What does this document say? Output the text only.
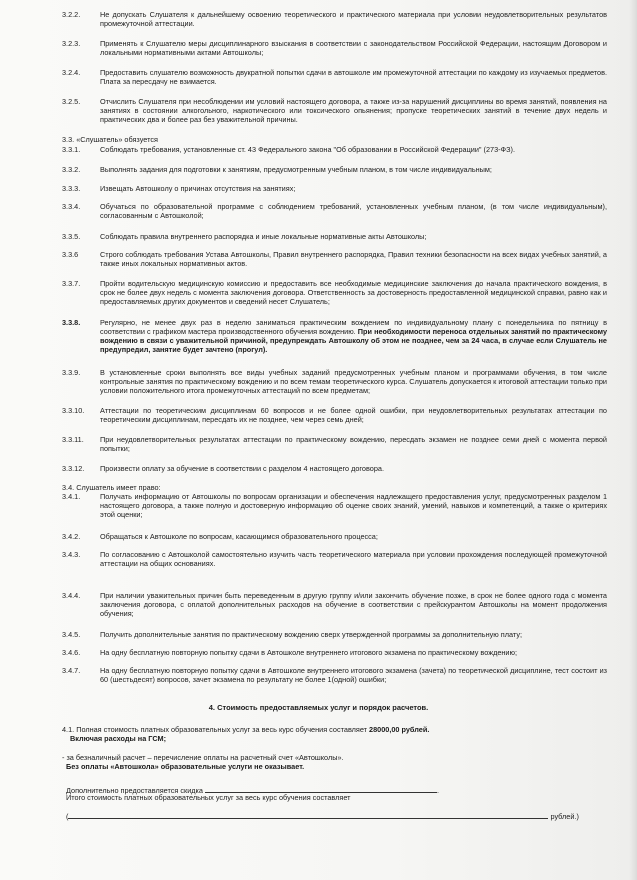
3.2.2.	Не допускать Слушателя к дальнейшему освоению теоретического и практического материала при условии неудовлетворительных результатов промежуточной аттестации.
3.2.3.	Применять к Слушателю меры дисциплинарного взыскания в соответствии с законодательством Российской Федерации, настоящим Договором и локальными нормативными актами Автошколы;
3.2.4.	Предоставить слушателю возможность двукратной попытки сдачи в автошколе им промежуточной аттестации по каждому из изучаемых предметов. Плата за пересдачу не взимается.
3.2.5.	Отчислить Слушателя при несоблюдении им условий настоящего договора, а также из-за нарушений дисциплины во время занятий, появления на занятиях в состоянии алкогольного, наркотического или токсического опьянения; пропуске теоретических занятий в течение двух недель и практических два и более раз без уважительной причины.
3.3. «Слушатель» обязуется
3.3.1.	Соблюдать требования, установленные ст. 43 Федерального закона "Об образовании в Российской Федерации" (273-ФЗ).
3.3.2.	Выполнять задания для подготовки к занятиям, предусмотренным учебным планом, в том числе индивидуальным;
3.3.3.	Извещать Автошколу о причинах отсутствия на занятиях;
3.3.4.	Обучаться по образовательной программе с соблюдением требований, установленных учебным планом, (в том числе индивидуальным), согласованным с Автошколой;
3.3.5.	Соблюдать правила внутреннего распорядка и иные локальные нормативные акты Автошколы;
3.3.6	Строго соблюдать требования Устава Автошколы, Правил внутреннего распорядка, Правил техники безопасности на всех видах учебных занятий, а также иных локальных нормативных актов.
3.3.7.	Пройти водительскую медицинскую комиссию и предоставить все необходимые медицинские заключения до начала практического вождения, в срок не более двух недель с момента заключения договора. Ответственность за достоверность предоставленной медицинской справки, равно как и предоставляемых других документов и сведений несет Слушатель;
3.3.8.	Регулярно, не менее двух раз в неделю заниматься практическим вождением по индивидуальному плану с понедельника по пятницу в соответствии с графиком мастера производственного обучения вождению. При необходимости переноса отдельных занятий по практическому вождению в связи с уважительной причиной, предупреждать Автошколу об этом не позднее, чем за 24 часа, в случае если Слушатель не предупредил, занятие будет зачтено (прогул).
3.3.9.	В установленные сроки выполнять все виды учебных заданий предусмотренных учебным планом и программами обучения, в том числе контрольные занятия по практическому вождению и по всем темам теоретического курса. Слушатель допускается к итоговой аттестации только при условии положительного итога промежуточных аттестаций по всем предметам;
3.3.10.	Аттестации по теоретическим дисциплинам 60 вопросов и не более одной ошибки, при неудовлетворительных результатах аттестации по теоретическим дисциплинам, пересдать их не позднее, чем через семь дней;
3.3.11.	При неудовлетворительных результатах аттестации по практическому вождению, пересдать экзамен не позднее семи дней с момента первой попытки;
3.3.12.	Произвести оплату за обучение в соответствии с разделом 4 настоящего договора.
3.4. Слушатель имеет право:
3.4.1.	Получать информацию от Автошколы по вопросам организации и обеспечения надлежащего предоставления услуг, предусмотренных разделом 1 настоящего договора, а также полную и достоверную информацию об оценке своих знаний, умений, навыков и компетенций, а также о критериях этой оценки;
3.4.2.	Обращаться к Автошколе по вопросам, касающимся образовательного процесса;
3.4.3.	По согласованию с Автошколой самостоятельно изучить часть теоретического материала при условии прохождения последующей промежуточной аттестации на общих основаниях.
3.4.4.	При наличии уважительных причин быть переведенным в другую группу и/или закончить обучение позже, в срок не более одного года с момента заключения договора, с оплатой дополнительных расходов на обучение в соответствии с прейскурантом Автошколы на момент продолжения обучения;
3.4.5.	Получить дополнительные занятия по практическому вождению сверх утвержденной программы за дополнительную плату;
3.4.6.	На одну бесплатную повторную попытку сдачи в Автошколе внутреннего итогового экзамена по практическому вождению;
3.4.7.	На одну бесплатную повторную попытку сдачи в Автошколе внутреннего итогового экзамена (зачета) по теоретической дисциплине, тест состоит из 60 (шестьдесят) вопросов, зачет экзамена по результату не более 1(одной) ошибки;
4. Стоимость предоставляемых услуг и порядок расчетов.
4.1. Полная стоимость платных образовательных услуг за весь курс обучения составляет 28000,00 рублей.
Включая расходы на ГСМ;
- за безналичный расчет – перечисление оплаты на расчетный счет «Автошколы».
Без оплаты «Автошкола» образовательные услуги не оказывает.
Дополнительно предоставляется скидка	.
Итого стоимость платных образовательных услуг за весь курс обучения составляет
(	рублей.)
